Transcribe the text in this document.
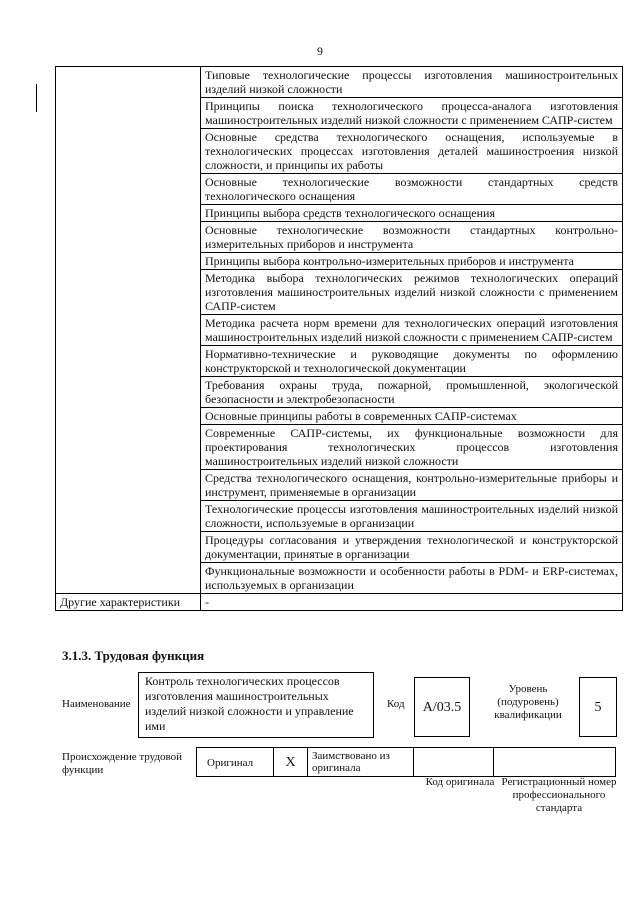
9
	Типовые технологические процессы изготовления машиностроительных изделий низкой сложности
	Принципы поиска технологического процесса-аналога изготовления машиностроительных изделий низкой сложности с применением САПР-систем
	Основные средства технологического оснащения, используемые в технологических процессах изготовления деталей машиностроения низкой сложности, и принципы их работы
	Основные технологические возможности стандартных средств технологического оснащения
	Принципы выбора средств технологического оснащения
	Основные технологические возможности стандартных контрольно-измерительных приборов и инструмента
	Принципы выбора контрольно-измерительных приборов и инструмента
	Методика выбора технологических режимов технологических операций изготовления машиностроительных изделий низкой сложности с применением САПР-систем
	Методика расчета норм времени для технологических операций изготовления машиностроительных изделий низкой сложности с применением САПР-систем
	Нормативно-технические и руководящие документы по оформлению конструкторской и технологической документации
	Требования охраны труда, пожарной, промышленной, экологической безопасности и электробезопасности
	Основные принципы работы в современных САПР-системах
	Современные САПР-системы, их функциональные возможности для проектирования технологических процессов изготовления машиностроительных изделий низкой сложности
	Средства технологического оснащения, контрольно-измерительные приборы и инструмент, применяемые в организации
	Технологические процессы изготовления машиностроительных изделий низкой сложности, используемые в организации
	Процедуры согласования и утверждения технологической и конструкторской документации, принятые в организации
	Функциональные возможности и особенности работы в PDM- и ERP-системах, используемых в организации
Другие характеристики	-
3.1.3. Трудовая функция
Наименование
Контроль технологических процессов изготовления машиностроительных изделий низкой сложности и управление ими
Код	А/03.5
Уровень (подуровень) квалификации	5
Происхождение трудовой функции
Оригинал	X	Заимствовано из оригинала
Код оригинала Регистрационный номер профессионального стандарта
